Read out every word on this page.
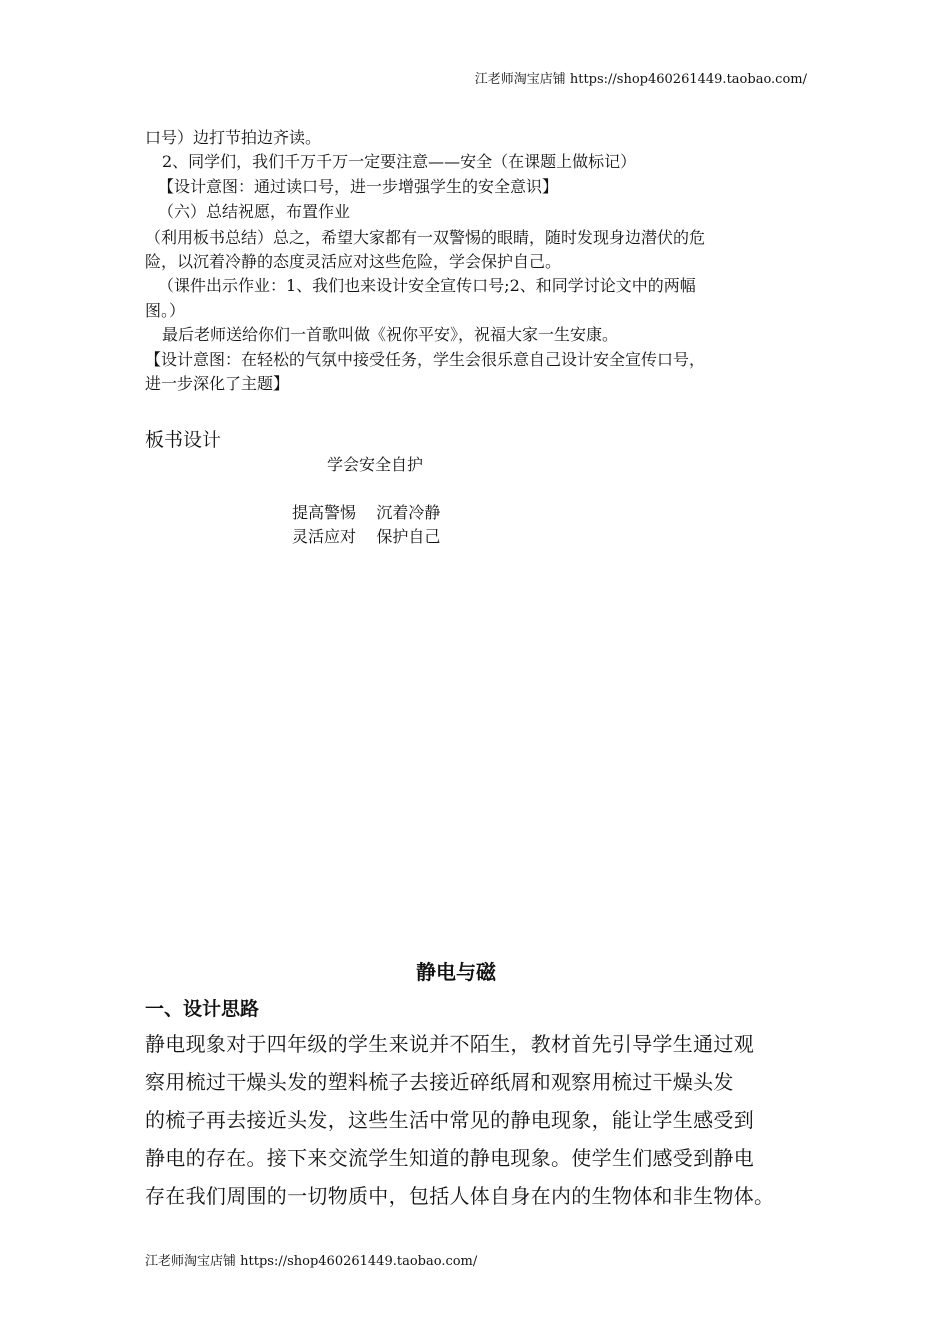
江老师淘宝店铺 https://shop460261449.taobao.com/
口号）边打节拍边齐读。
2、同学们，我们千万千万一定要注意——安全（在课题上做标记）
【设计意图：通过读口号，进一步增强学生的安全意识】
（六）总结祝愿，布置作业
（利用板书总结）总之，希望大家都有一双警惕的眼睛，随时发现身边潜伏的危
险，以沉着冷静的态度灵活应对这些危险，学会保护自己。
（课件出示作业：1、我们也来设计安全宣传口号;2、和同学讨论文中的两幅
图。）
最后老师送给你们一首歌叫做《祝你平安》，祝福大家一生安康。
【设计意图：在轻松的气氛中接受任务，学生会很乐意自己设计安全宣传口号，
进一步深化了主题】
板书设计
学会安全自护
提高警惕    沉着冷静
灵活应对    保护自己
静电与磁
一、设计思路
静电现象对于四年级的学生来说并不陌生，教材首先引导学生通过观
察用梳过干燥头发的塑料梳子去接近碎纸屑和观察用梳过干燥头发
的梳子再去接近头发，这些生活中常见的静电现象，能让学生感受到
静电的存在。接下来交流学生知道的静电现象。使学生们感受到静电
存在我们周围的一切物质中，包括人体自身在内的生物体和非生物体。
江老师淘宝店铺 https://shop460261449.taobao.com/
